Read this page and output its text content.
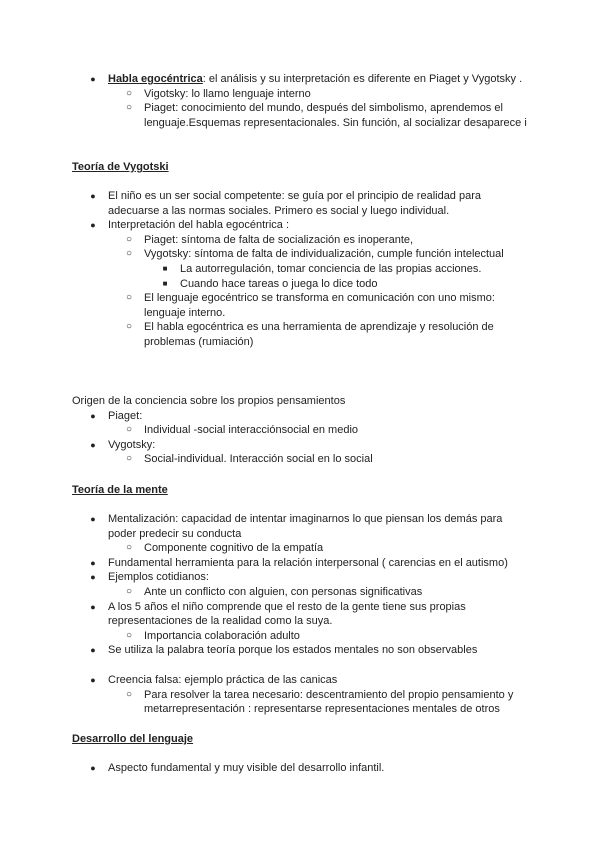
●	Habla egocéntrica: el análisis y su interpretación es diferente en Piaget y Vygotsky .
○	Vigotsky: lo llamo lenguaje interno
○	Piaget: conocimiento del mundo, después del simbolismo, aprendemos el lenguaje.Esquemas representacionales. Sin función, al socializar desaparece i
Teoría de Vygotski
●	El niño es un ser social competente: se guía por el principio de realidad para adecuarse a las normas sociales. Primero es social y luego individual.
●	Interpretación del habla egocéntrica :
○	Piaget: síntoma de falta de socialización es inoperante,
○	Vygotsky: síntoma de falta de individualización, cumple función intelectual
■	La autorregulación, tomar conciencia de las propias acciones.
■	Cuando hace tareas o juega lo dice todo
○	El lenguaje egocéntrico se transforma en comunicación con uno mismo: lenguaje interno.
○	El habla egocéntrica es una herramienta de aprendizaje y resolución de problemas (rumiación)
Origen de la conciencia sobre los propios pensamientos
●	Piaget:
○	Individual -social interacciónsocial en medio
●	Vygotsky:
○	Social-individual. Interacción social en lo social
Teoría de la mente
●	Mentalización: capacidad de intentar imaginarnos lo que piensan los demás para poder predecir su conducta
○	Componente cognitivo de la empatía
●	Fundamental herramienta para la relación interpersonal ( carencias en el autismo)
●	Ejemplos cotidianos:
○	Ante un conflicto con alguien, con personas significativas
●	A los 5 años el niño comprende que el resto de la gente tiene sus propias representaciones de la realidad como la suya.
○	Importancia colaboración adulto
●	Se utiliza la palabra teoría porque los estados mentales no son observables
●	Creencia falsa: ejemplo práctica de las canicas
○	Para resolver la tarea necesario: descentramiento del propio pensamiento y metarrepresentación : representarse representaciones mentales de otros
Desarrollo del lenguaje
●	Aspecto fundamental y muy visible del desarrollo infantil.
